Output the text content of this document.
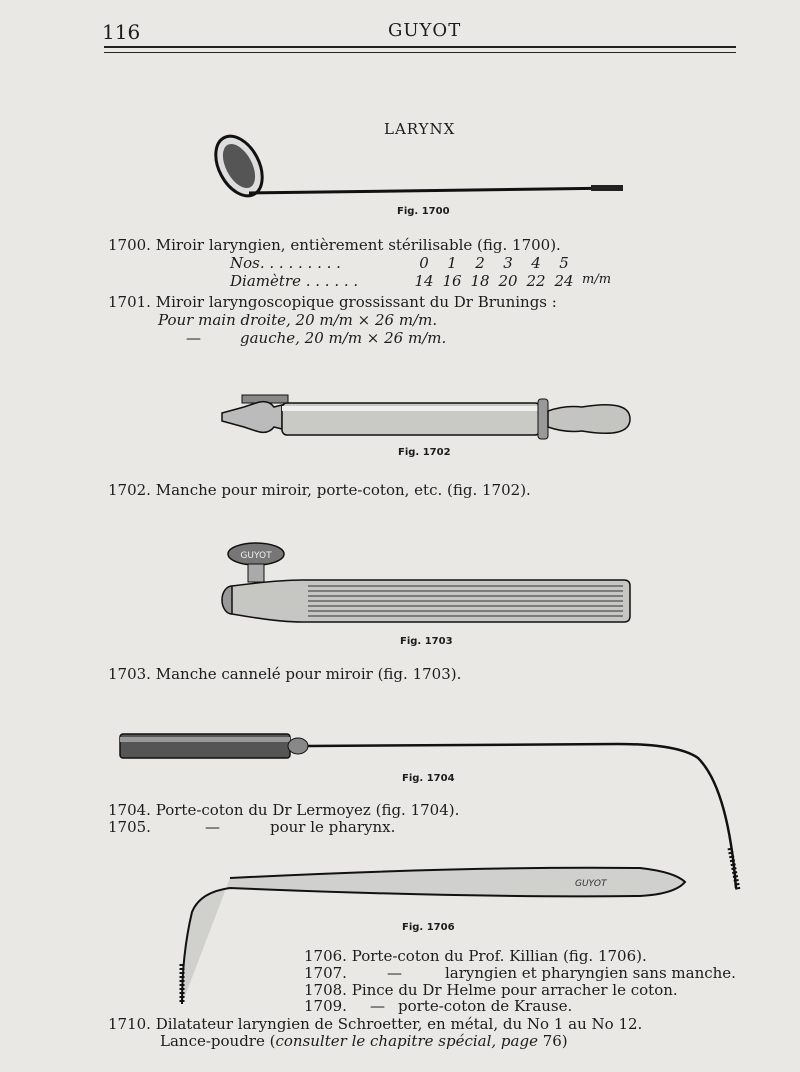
116	GUYOT
LARYNX
Fig. 1700
1700. Miroir laryngien, entièrement stérilisable (fig. 1700).
Nos. . . . . . . . .	0 1 2 3 4 5
Diamètre . . . . . .	14 16 18 20 22 24 m/m
1701. Miroir laryngoscopique grossissant du Dr Brunings :
Pour main droite, 20 m/m × 26 m/m.
—	gauche, 20 m/m × 26 m/m.
Fig. 1702
1702. Manche pour miroir, porte-coton, etc. (fig. 1702).
GUYOT
Fig. 1703
1703. Manche cannelé pour miroir (fig. 1703).
Fig. 1704
1704. Porte-coton du Dr Lermoyez (fig. 1704).
1705.	—	pour le pharynx.
GUYOT
Fig. 1706
1706. Porte-coton du Prof. Killian (fig. 1706).
1707.	—	laryngien et pharyngien sans manche.
1708. Pince du Dr Helme pour arracher le coton.
1709. — porte-coton de Krause.
1710. Dilatateur laryngien de Schroetter, en métal, du No 1 au No 12.
Lance-poudre (consulter le chapitre spécial, page 76)
